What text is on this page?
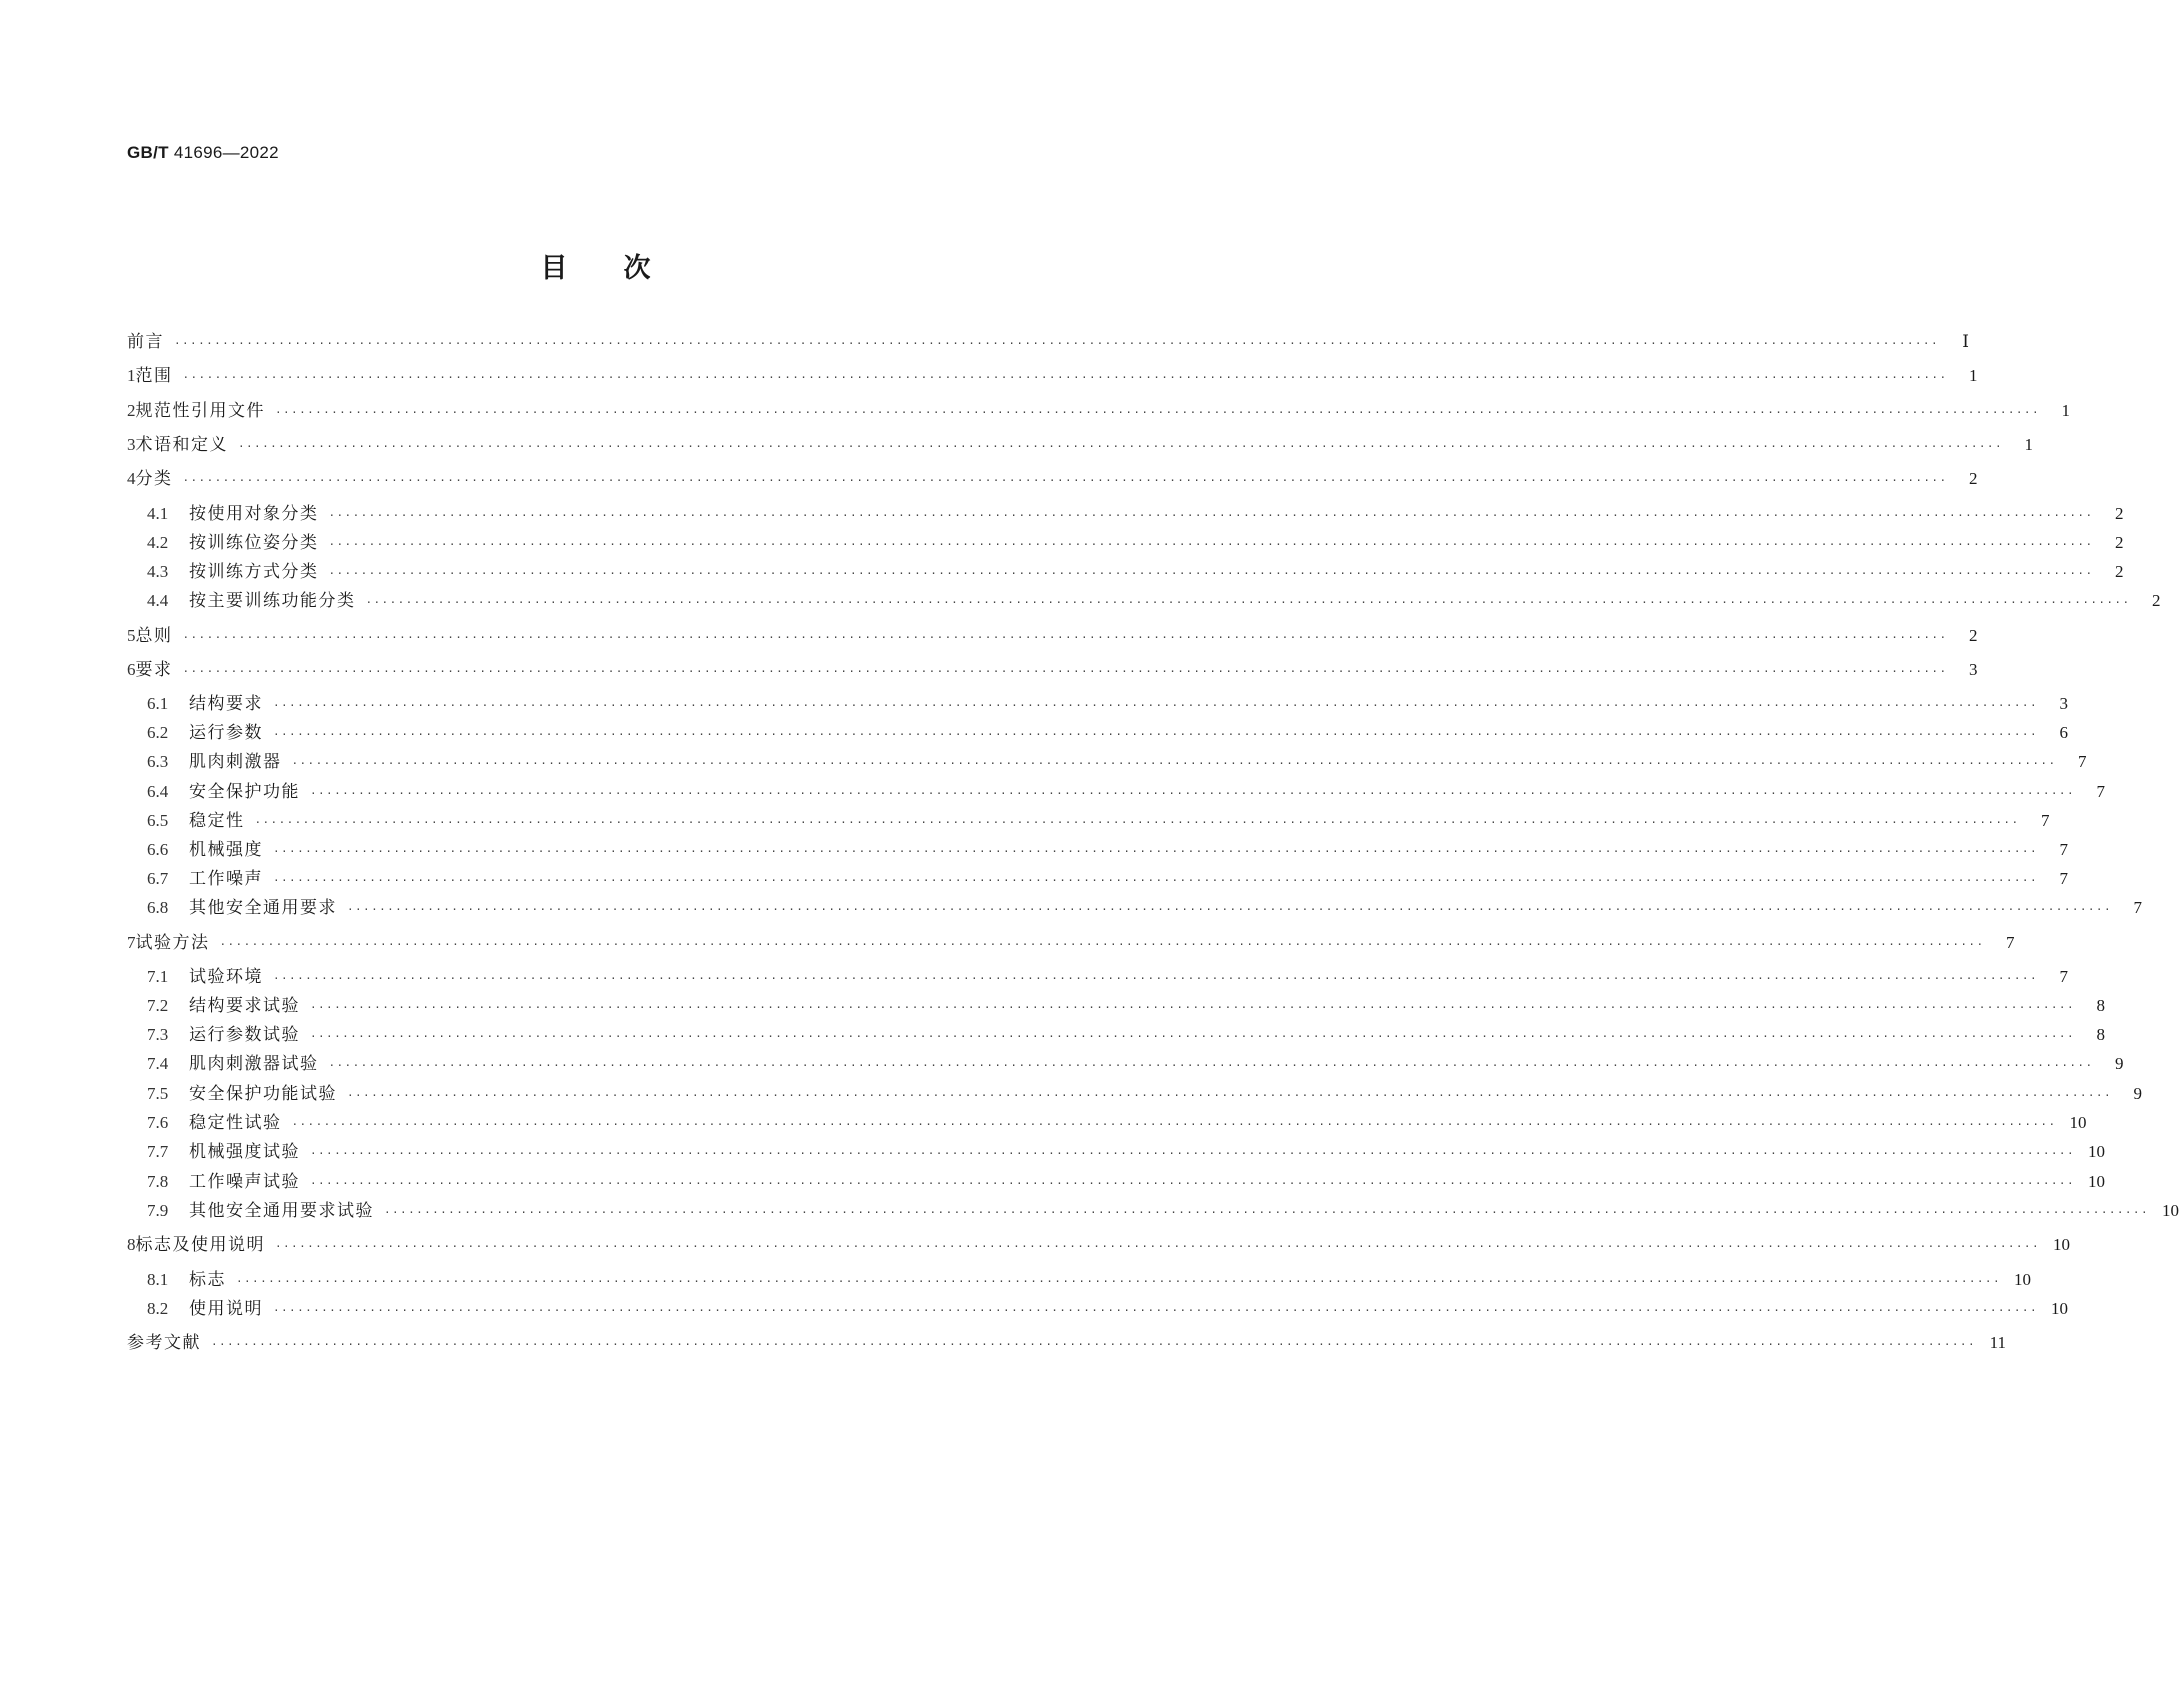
GB/T 41696—2022
目次
前言 ····························································································································································································································	Ⅰ
1 范围 ····························································································································································································································	1
2 规范性引用文件 ····························································································································································································································	1
3 术语和定义 ····························································································································································································································	1
4 分类 ····························································································································································································································	2
4.1	按使用对象分类 ····························································································································································································································	2
4.2	按训练位姿分类 ····························································································································································································································	2
4.3	按训练方式分类 ····························································································································································································································	2
4.4	按主要训练功能分类 ····························································································································································································································	2
5 总则 ····························································································································································································································	2
6 要求 ····························································································································································································································	3
6.1	结构要求 ····························································································································································································································	3
6.2	运行参数 ····························································································································································································································	6
6.3	肌肉刺激器 ····························································································································································································································	7
6.4	安全保护功能 ····························································································································································································································	7
6.5	稳定性 ····························································································································································································································	7
6.6	机械强度 ····························································································································································································································	7
6.7	工作噪声 ····························································································································································································································	7
6.8	其他安全通用要求 ····························································································································································································································	7
7 试验方法 ····························································································································································································································	7
7.1	试验环境 ····························································································································································································································	7
7.2	结构要求试验 ····························································································································································································································	8
7.3	运行参数试验 ····························································································································································································································	8
7.4	肌肉刺激器试验 ····························································································································································································································	9
7.5	安全保护功能试验 ····························································································································································································································	9
7.6	稳定性试验 ···························································································································································································································· 10
7.7	机械强度试验 ···························································································································································································································· 10
7.8	工作噪声试验 ···························································································································································································································· 10
7.9	其他安全通用要求试验 ···························································································································································································································· 10
8 标志及使用说明 ···························································································································································································································· 10
8.1	标志 ···························································································································································································································· 10
8.2	使用说明 ···························································································································································································································· 10
参考文献 ···························································································································································································································· 11
